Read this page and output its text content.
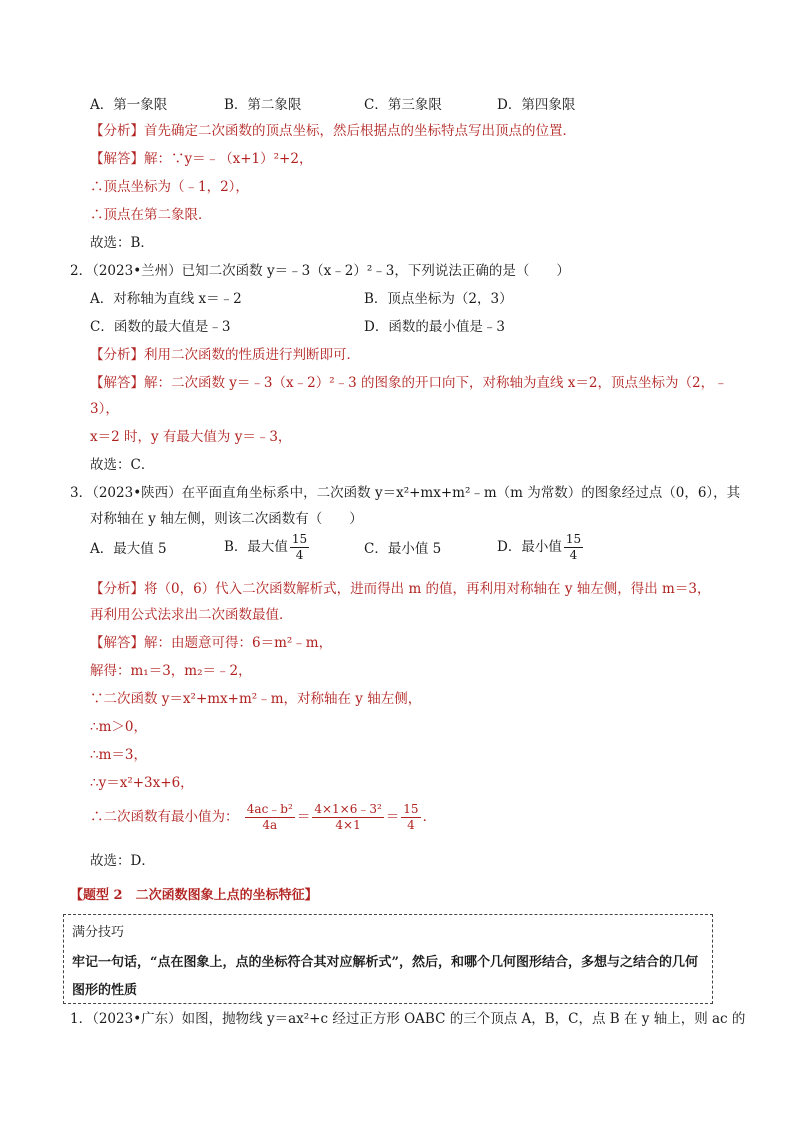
A．第一象限	B．第二象限	C．第三象限	D．第四象限
【分析】首先确定二次函数的顶点坐标，然后根据点的坐标特点写出顶点的位置．
【解答】解：∵y＝﹣（x+1）²+2，
∴顶点坐标为（﹣1，2），
∴顶点在第二象限．
故选：B．
2．（2023•兰州）已知二次函数 y＝﹣3（x﹣2）²﹣3，下列说法正确的是（　　）
A．对称轴为直线 x＝﹣2	B．顶点坐标为（2，3）
C．函数的最大值是﹣3	D．函数的最小值是﹣3
【分析】利用二次函数的性质进行判断即可．
【解答】解：二次函数 y＝﹣3（x﹣2）²﹣3 的图象的开口向下，对称轴为直线 x＝2，顶点坐标为（2，﹣
3），
x＝2 时，y 有最大值为 y＝﹣3，
故选：C．
3．（2023•陕西）在平面直角坐标系中，二次函数 y＝x²+mx+m²﹣m（m 为常数）的图象经过点（0，6），其
对称轴在 y 轴左侧，则该二次函数有（　　）
A．最大值 5	B．最大值 $\frac{15}{4}$	C．最小值 5	D．最小值 $\frac{15}{4}$
【分析】将（0，6）代入二次函数解析式，进而得出 m 的值，再利用对称轴在 y 轴左侧，得出 m＝3，
再利用公式法求出二次函数最值．
【解答】解：由题意可得：6＝m²﹣m，
解得：m₁＝3，m₂＝﹣2，
∵二次函数 y＝x²+mx+m²﹣m，对称轴在 y 轴左侧，
∴m＞0，
∴m＝3，
∴y＝x²+3x+6，
∴二次函数有最小值为： $\frac{\text{4ac﹣b²}}{4a} = \frac{\text{4×1×6﹣3²}}{4\times 1} = \frac{15}{4}$ ．
故选：D．
【题型 2　二次函数图象上点的坐标特征】
满分技巧

牢记一句话，“点在图象上，点的坐标符合其对应解析式”，然后，和哪个几何图形结合，多想与之结合的几何图形的性质

1．（2023•广东）如图，抛物线 y＝ax²+c 经过正方形 OABC 的三个顶点 A，B，C，点 B 在 y 轴上，则 ac 的
